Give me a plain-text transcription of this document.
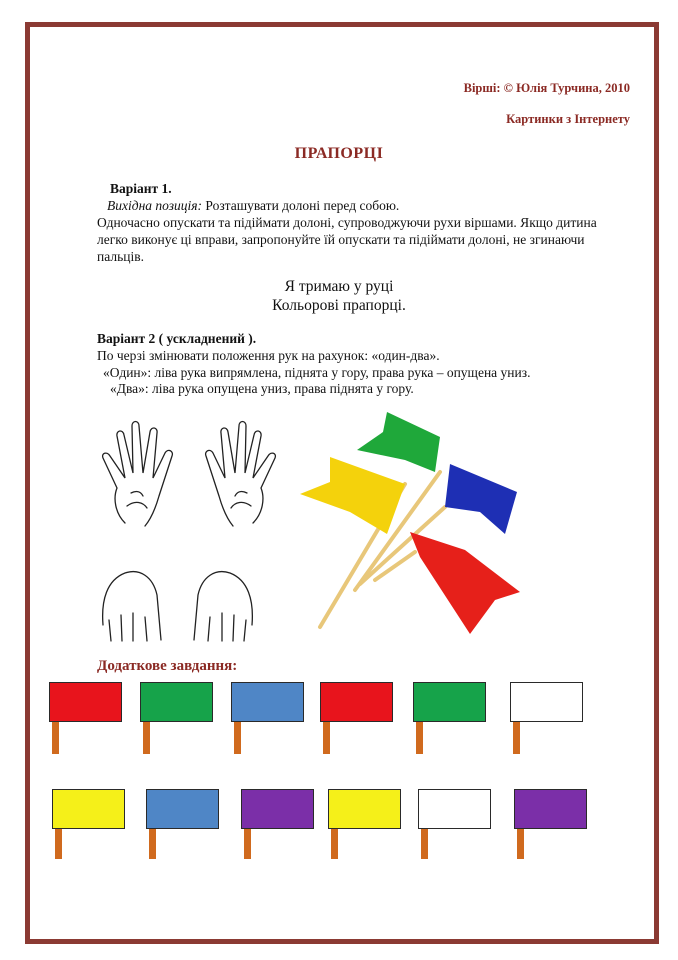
Вірші: © Юлія Турчина, 2010
Картинки з Інтернету
ПРАПОРЦІ
Варіант 1.
Вихідна позиція: Розташувати долоні перед собою.
Одночасно опускати та підіймати долоні, супроводжуючи рухи віршами. Якщо дитина
легко виконує ці вправи, запропонуйте їй опускати та підіймати долоні, не згинаючи
пальців.
Я тримаю у руці
Кольорові прапорці.
Варіант 2 ( ускладнений ).
По черзі змінювати положення рук на рахунок: «один-два».
«Один»: ліва рука випрямлена, піднята у гору, права рука – опущена униз.
«Два»: ліва рука опущена униз, права піднята у гору.
Додаткове завдання:
